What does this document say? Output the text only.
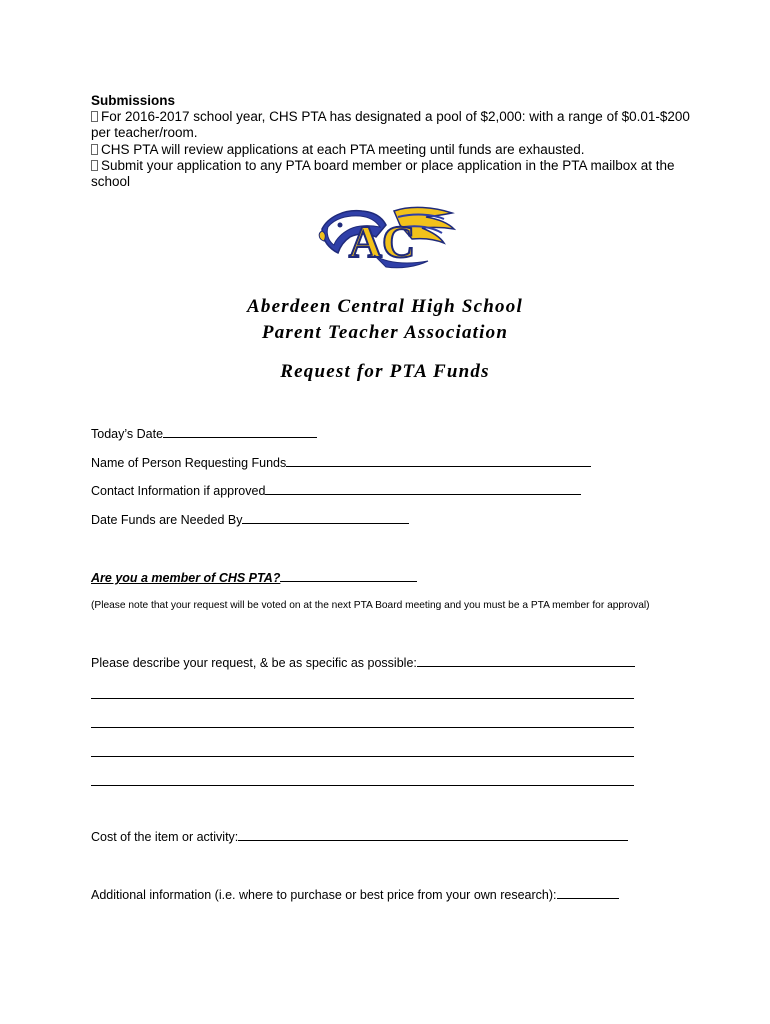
Submissions
For 2016-2017 school year, CHS PTA has designated a pool of $2,000: with a range of $0.01-$200 per teacher/room.
CHS PTA will review applications at each PTA meeting until funds are exhausted.
Submit your application to any PTA board member or place application in the PTA mailbox at the school
AC
Aberdeen Central High School
Parent Teacher Association
Request for PTA Funds
Today’s Date
Name of Person Requesting Funds
Contact Information if approved
Date Funds are Needed By
Are you a member of CHS PTA?
(Please note that your request will be voted on at the next PTA Board meeting and you must be a PTA member for approval)
Please describe your request, & be as specific as possible:
Cost of the item or activity:
Additional information (i.e. where to purchase or best price from your own research):
